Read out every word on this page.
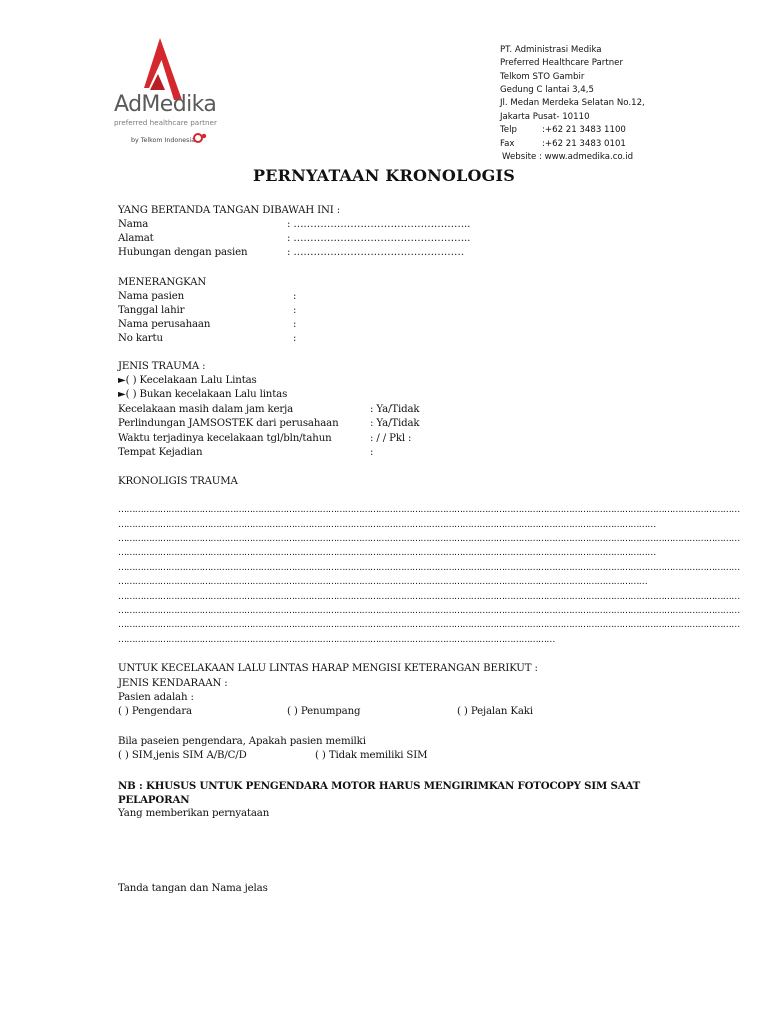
AdMedika
preferred healthcare partner
by Telkom Indonesia
PT. Administrasi Medika
Preferred Healthcare Partner
Telkom STO Gambir
Gedung C lantai 3,4,5
Jl. Medan Merdeka Selatan No.12,
Jakarta Pusat- 10110
Telp	:+62 21 3483 1100
Fax	:+62 21 3483 0101
Website : www.admedika.co.id
PERNYATAAN KRONOLOGIS
YANG BERTANDA TANGAN DIBAWAH INI :
Nama	: ……………………………………………..
Alamat	: ……………………………………………..
Hubungan dengan pasien	: ……………………………………………
MENERANGKAN
Nama pasien	:
Tanggal lahir	:
Nama perusahaan	:
No kartu	:
JENIS TRAUMA :
►( ) Kecelakaan Lalu Lintas
►( ) Bukan kecelakaan Lalu lintas
Kecelakaan masih dalam jam kerja	: Ya/Tidak
Perlindungan JAMSOSTEK dari perusahaan	: Ya/Tidak
Waktu terjadinya kecelakaan tgl/bln/tahun	: / / Pkl :
Tempat Kejadian	:
KRONOLIGIS TRAUMA
……………………………………………………………………………………………………………………………………………………………………………………………………
…………………………………………………………………………………………………………………………………………………………………………
……………………………………………………………………………………………………………………………………………………………………………………………………
…………………………………………………………………………………………………………………………………………………………………………
……………………………………………………………………………………………………………………………………………………………………………………………………
………………………………………………………………………………………………………………………………………………………………………
……………………………………………………………………………………………………………………………………………………………………………………………………
……………………………………………………………………………………………………………………………………………………………………………………………………
……………………………………………………………………………………………………………………………………………………………………………………………………
…………………………………………………………………………………………………………………………………………
UNTUK KECELAKAAN LALU LINTAS HARAP MENGISI KETERANGAN BERIKUT :
JENIS KENDARAAN :
Pasien adalah :
( ) Pengendara	( ) Penumpang	( ) Pejalan Kaki
Bila paseien pengendara, Apakah pasien memilki
( ) SIM,jenis SIM A/B/C/D	( ) Tidak memiliki SIM
NB : KHUSUS UNTUK PENGENDARA MOTOR HARUS MENGIRIMKAN FOTOCOPY SIM SAAT
PELAPORAN
Yang memberikan pernyataan
Tanda tangan dan Nama jelas
